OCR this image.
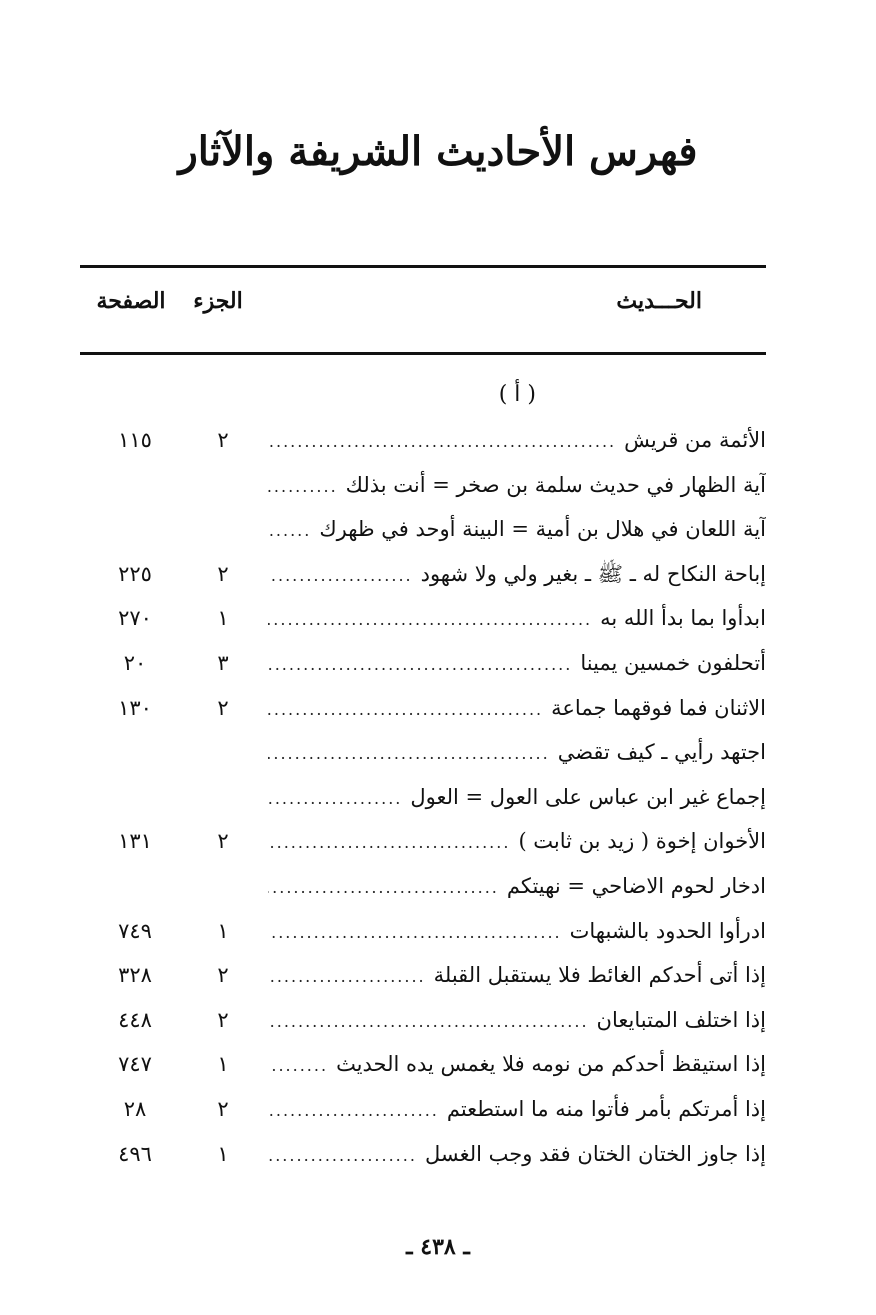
فهرس الأحاديث الشريفة والآثار
الحـــديث
الجزء
الصفحة
( أ )
الأئمة من قريش
.....
٢
١١٥
آية الظهار في حديث سلمة بن صخر = أنت بذلك
.....
آية اللعان في هلال بن أمية = البينة أوحد في ظهرك
.....
إباحة النكاح له ـ ﷺ ـ بغير ولي ولا شهود
.....
٢
٢٢٥
ابدأوا بما بدأ الله به
.....
١
٢٧٠
أتحلفون خمسين يمينا
.....
٣
٢٠
الاثنان فما فوقهما جماعة
.....
٢
١٣٠
اجتهد رأيي ـ كيف تقضي
.....
إجماع غير ابن عباس على العول = العول
.....
الأخوان إخوة ( زيد بن ثابت )
.....
٢
١٣١
ادخار لحوم الاضاحي = نهيتكم
.....
ادرأوا الحدود بالشبهات
.....
١
٧٤٩
إذا أتى أحدكم الغائط فلا يستقبل القبلة
.....
٢
٣٢٨
إذا اختلف المتبايعان
.....
٢
٤٤٨
إذا استيقظ أحدكم من نومه فلا يغمس يده الحديث
.....
١
٧٤٧
إذا أمرتكم بأمر فأتوا منه ما استطعتم
.....
٢
٢٨
إذا جاوز الختان الختان فقد وجب الغسل
.....
١
٤٩٦
ـ ٤٣٨ ـ
